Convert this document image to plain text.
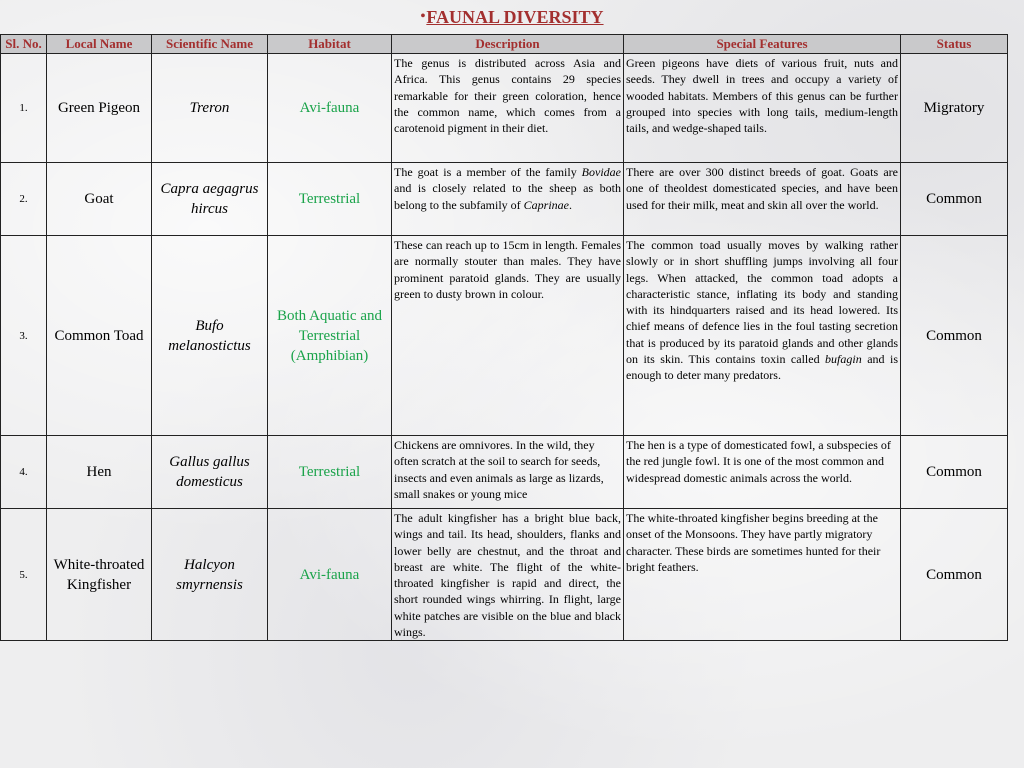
•FAUNAL DIVERSITY
Sl. No.	Local Name	Scientific Name	Habitat	Description	Special Features	Status
1.	Green Pigeon	Treron	Avi-fauna	The genus is distributed across Asia and Africa. This genus contains 29 species remarkable for their green coloration, hence the common name, which comes from a carotenoid pigment in their diet.	Green pigeons have diets of various fruit, nuts and seeds. They dwell in trees and occupy a variety of wooded habitats. Members of this genus can be further grouped into species with long tails, medium-length tails, and wedge-shaped tails.	Migratory
2.	Goat	Capra aegagrus hircus	Terrestrial	The goat is a member of the family Bovidae and is closely related to the sheep as both belong to the subfamily of Caprinae.	There are over 300 distinct breeds of goat. Goats are one of theoldest domesticated species, and have been used for their milk, meat and skin all over the world.	Common
3.	Common Toad	Bufo melanostictus	Both Aquatic and Terrestrial (Amphibian)	These can reach up to 15cm in length. Females are normally stouter than males. They have prominent paratoid glands. They are usually green to dusty brown in colour.	The common toad usually moves by walking rather slowly or in short shuffling jumps involving all four legs. When attacked, the common toad adopts a characteristic stance, inflating its body and standing with its hindquarters raised and its head lowered. Its chief means of defence lies in the foul tasting secretion that is produced by its paratoid glands and other glands on its skin. This contains toxin called bufagin and is enough to deter many predators.	Common
4.	Hen	Gallus gallus domesticus	Terrestrial	Chickens are omnivores. In the wild, they often scratch at the soil to search for seeds, insects and even animals as large as lizards, small snakes or young mice	The hen is a type of domesticated fowl, a subspecies of the red jungle fowl. It is one of the most common and widespread domestic animals across the world.	Common
5.	White-throated Kingfisher	Halcyon smyrnensis	Avi-fauna	The adult kingfisher has a bright blue back, wings and tail. Its head, shoulders, flanks and lower belly are chestnut, and the throat and breast are white. The flight of the white-throated kingfisher is rapid and direct, the short rounded wings whirring. In flight, large white patches are visible on the blue and black wings.	The white-throated kingfisher begins breeding at the onset of the Monsoons. They have partly migratory character. These birds are sometimes hunted for their bright feathers.	Common
